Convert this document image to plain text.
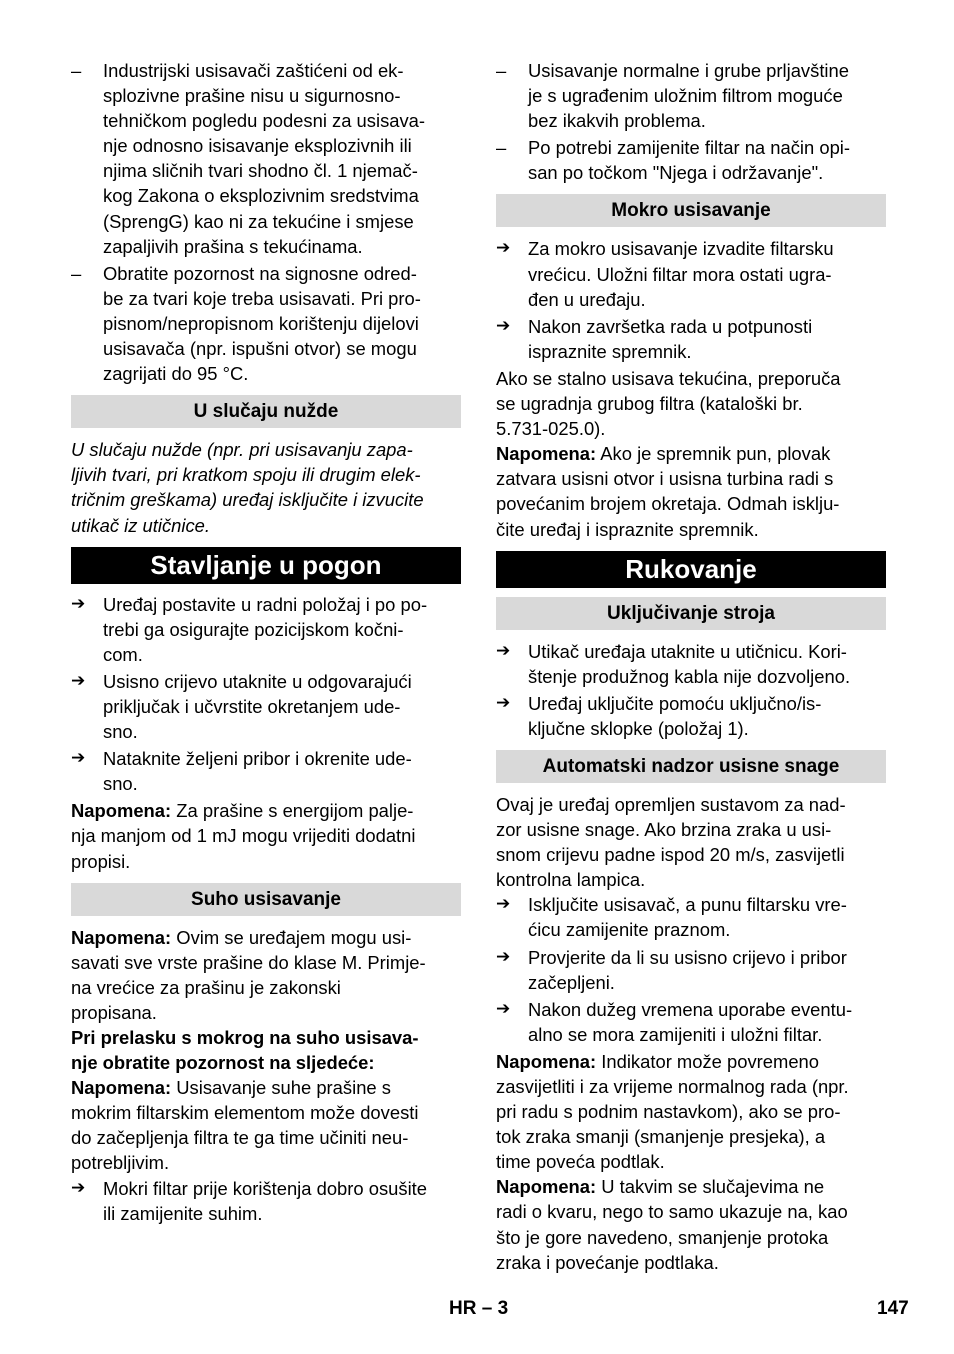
– Industrijski usisavači zaštićeni od ek-
splozivne prašine nisu u sigurnosno-
tehničkom pogledu podesni za usisava-
nje odnosno isisavanje eksplozivnih ili
njima sličnih tvari shodno čl. 1 njemač-
kog Zakona o eksplozivnim sredstvima
(SprengG) kao ni za tekućine i smjese
zapaljivih prašina s tekućinama.
– Obratite pozornost na signosne odred-
be za tvari koje treba usisavati. Pri pro-
pisnom/nepropisnom korištenju dijelovi
usisavača (npr. ispušni otvor) se mogu
zagrijati do 95 °C.
U slučaju nužde
U slučaju nužde (npr. pri usisavanju zapa-
ljivih tvari, pri kratkom spoju ili drugim elek-
tričnim greškama) uređaj isključite i izvucite
utikač iz utičnice.
Stavljanje u pogon
➔ Uređaj postavite u radni položaj i po po-
trebi ga osigurajte pozicijskom kočni-
com.
➔ Usisno crijevo utaknite u odgovarajući
priključak i učvrstite okretanjem ude-
sno.
➔ Nataknite željeni pribor i okrenite ude-
sno.
Napomena: Za prašine s energijom palje-
nja manjom od 1 mJ mogu vrijediti dodatni
propisi.
Suho usisavanje
Napomena: Ovim se uređajem mogu usi-
savati sve vrste prašine do klase M. Primje-
na vrećice za prašinu je zakonski
propisana.
Pri prelasku s mokrog na suho usisava-
nje obratite pozornost na sljedeće:
Napomena: Usisavanje suhe prašine s
mokrim filtarskim elementom može dovesti
do začepljenja filtra te ga time učiniti neu-
potrebljivim.
➔ Mokri filtar prije korištenja dobro osušite
ili zamijenite suhim.
– Usisavanje normalne i grube prljavštine
je s ugrađenim uložnim filtrom moguće
bez ikakvih problema.
– Po potrebi zamijenite filtar na način opi-
san po točkom "Njega i održavanje".
Mokro usisavanje
➔ Za mokro usisavanje izvadite filtarsku
vrećicu. Uložni filtar mora ostati ugra-
đen u uređaju.
➔ Nakon završetka rada u potpunosti
ispraznite spremnik.
Ako se stalno usisava tekućina, preporuča
se ugradnja grubog filtra (kataloški br.
5.731-025.0).
Napomena: Ako je spremnik pun, plovak
zatvara usisni otvor i usisna turbina radi s
povećanim brojem okretaja. Odmah isklju-
čite uređaj i ispraznite spremnik.
Rukovanje
Uključivanje stroja
➔ Utikač uređaja utaknite u utičnicu. Kori-
štenje produžnog kabla nije dozvoljeno.
➔ Uređaj uključite pomoću uključno/is-
ključne sklopke (položaj 1).
Automatski nadzor usisne snage
Ovaj je uređaj opremljen sustavom za nad-
zor usisne snage. Ako brzina zraka u usi-
snom crijevu padne ispod 20 m/s, zasvijetli
kontrolna lampica.
➔ Isključite usisavač, a punu filtarsku vre-
ćicu zamijenite praznom.
➔ Provjerite da li su usisno crijevo i pribor
začepljeni.
➔ Nakon dužeg vremena uporabe eventu-
alno se mora zamijeniti i uložni filtar.
Napomena: Indikator može povremeno
zasvijetliti i za vrijeme normalnog rada (npr.
pri radu s podnim nastavkom), ako se pro-
tok zraka smanji (smanjenje presjeka), a
time poveća podtlak.
Napomena: U takvim se slučajevima ne
radi o kvaru, nego to samo ukazuje na, kao
što je gore navedeno, smanjenje protoka
zraka i povećanje podtlaka.
HR – 3	147
